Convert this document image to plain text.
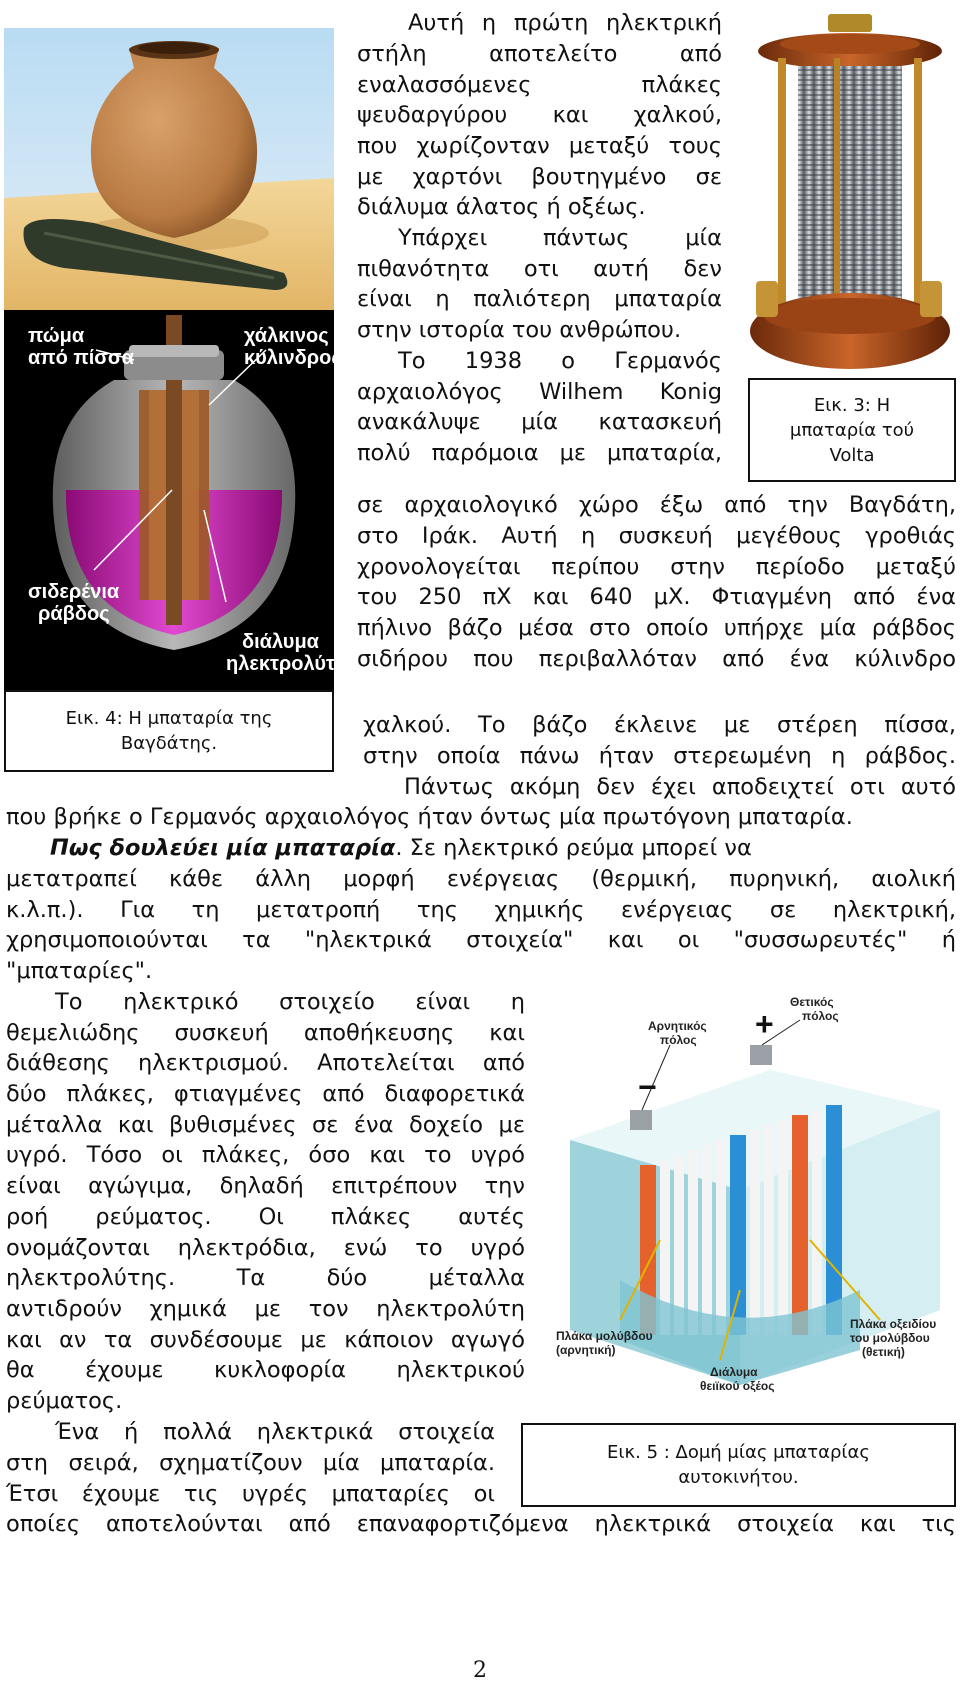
πώμα
από πίσσα
χάλκινος
κύλινδρος
σιδερένια
ράβδος
διάλυμα
ηλεκτρολύτη
Εικ. 4: Η μπαταρία της
Βαγδάτης.
Εικ. 3: Η
μπαταρία τού
Volta
Αυτή η πρώτη ηλεκτρική
στήλη αποτελείτο από
εναλασσόμενες πλάκες
ψευδαργύρου και χαλκού,
που χωρίζονταν μεταξύ τους
με χαρτόνι βουτηγμένο σε
διάλυμα άλατος ή οξέως.
Υπάρχει πάντως μία
πιθανότητα οτι αυτή δεν
είναι η παλιότερη μπαταρία
στην ιστορία του ανθρώπου.
Το 1938 ο Γερμανός
αρχαιολόγος Wilhem Konig
ανακάλυψε μία κατασκευή
πολύ παρόμοια με μπαταρία,
σε αρχαιολογικό χώρο έξω από την Βαγδάτη,
στο Ιράκ. Αυτή η συσκευή μεγέθους γροθιάς
χρονολογείται περίπου στην περίοδο μεταξύ
του 250 πΧ και 640 μΧ. Φτιαγμένη από ένα
πήλινο βάζο μέσα στο οποίο υπήρχε μία ράβδος
σιδήρου που περιβαλλόταν από ένα κύλινδρο
χαλκού. Το βάζο έκλεινε με στέρεη πίσσα,
στην οποία πάνω ήταν στερεωμένη η ράβδος.
Πάντως ακόμη δεν έχει αποδειχτεί οτι αυτό
που βρήκε ο Γερμανός αρχαιολόγος ήταν όντως μία πρωτόγονη μπαταρία.
Πως δουλεύει μία μπαταρία. Σε ηλεκτρικό ρεύμα μπορεί να
μετατραπεί κάθε άλλη μορφή ενέργειας (θερμική, πυρηνική, αιολική
κ.λ.π.). Για τη μετατροπή της χημικής ενέργειας σε ηλεκτρική,
χρησιμοποιούνται τα "ηλεκτρικά στοιχεία" και οι "συσσωρευτές" ή
"μπαταρίες".
Το ηλεκτρικό στοιχείο είναι η
θεμελιώδης συσκευή αποθήκευσης και
διάθεσης ηλεκτρισμού. Αποτελείται από
δύο πλάκες, φτιαγμένες από διαφορετικά
μέταλλα και βυθισμένες σε ένα δοχείο με
υγρό. Τόσο οι πλάκες, όσο και το υγρό
είναι αγώγιμα, δηλαδή επιτρέπουν την
ροή ρεύματος. Οι πλάκες αυτές
ονομάζονται ηλεκτρόδια, ενώ το υγρό
ηλεκτρολύτης. Τα δύο μέταλλα
αντιδρούν χημικά με τον ηλεκτρολύτη
και αν τα συνδέσουμε με κάποιον αγωγό
θα έχουμε κυκλοφορία ηλεκτρικού
ρεύματος.
−
+
Θετικός
πόλος
Αρνητικός
πόλος
Πλάκα μολύβδου
(αρνητική)
Πλάκα οξειδίου
του μολύβδου
(θετική)
Διάλυμα
θειϊκού οξέος
Εικ. 5 : Δομή μίας μπαταρίας
αυτοκινήτου.
Ένα ή πολλά ηλεκτρικά στοιχεία
στη σειρά, σχηματίζουν μία μπαταρία.
Έτσι έχουμε τις υγρές μπαταρίες οι
οποίες αποτελούνται από επαναφορτιζόμενα ηλεκτρικά στοιχεία και τις
2
